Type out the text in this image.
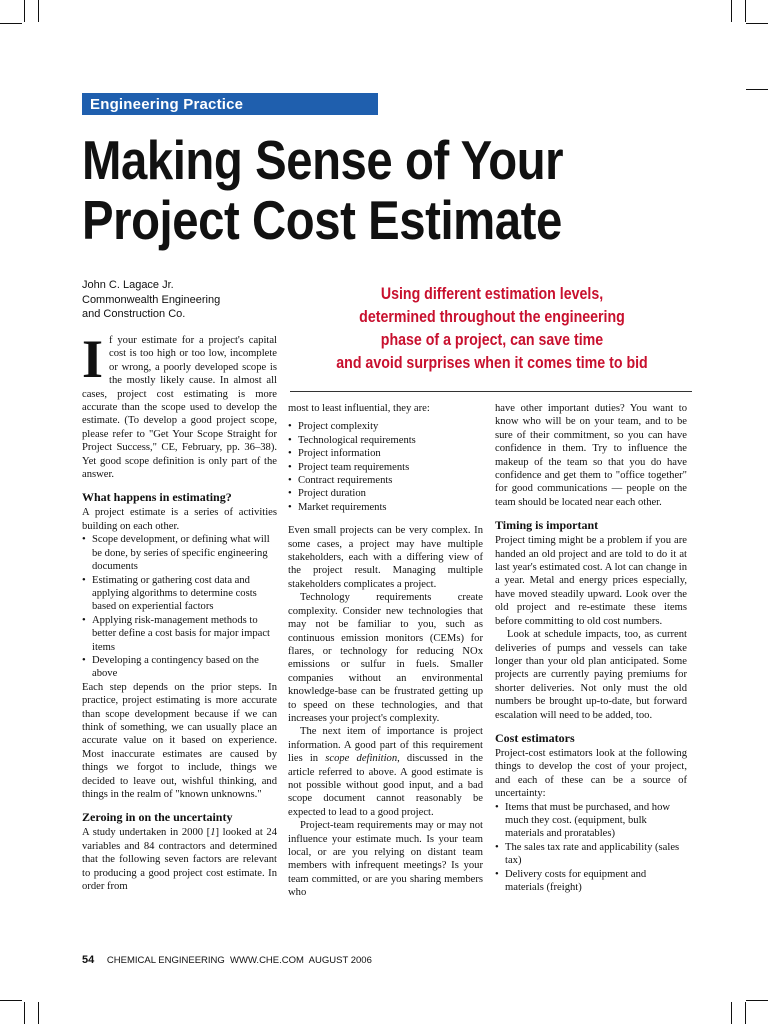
Engineering Practice
Making Sense of Your
Project Cost Estimate
John C. Lagace Jr.
Commonwealth Engineering
and Construction Co.
Using different estimation levels,
determined throughout the engineering
phase of a project, can save time
and avoid surprises when it comes time to bid

If your estimate for a project's capital cost is too high or too low, incomplete or wrong, a poorly developed scope is the mostly likely cause. In almost all cases, project cost estimating is more accurate than the scope used to develop the estimate. (To develop a good project scope, please refer to "Get Your Scope Straight for Project Success," CE, February, pp. 36–38). Yet good scope definition is only part of the answer.

What happens in estimating?

A project estimate is a series of activities building on each other.

• Scope development, or defining what will be done, by series of specific engineering documents
• Estimating or gathering cost data and applying algorithms to determine costs based on experiential factors
• Applying risk-management methods to better define a cost basis for major impact items
• Developing a contingency based on the above

Each step depends on the prior steps. In practice, project estimating is more accurate than scope development because if we can think of something, we can usually place an accurate value on it based on experience. Most inaccurate estimates are caused by things we forgot to include, things we decided to leave out, wishful thinking, and things in the realm of "known unknowns."

Zeroing in on the uncertainty

A study undertaken in 2000 [1] looked at 24 variables and 84 contractors and determined that the following seven factors are relevant to producing a good project cost estimate. In order from

most to least influential, they are:

• Project complexity
• Technological requirements
• Project information
• Project team requirements
• Contract requirements
• Project duration
• Market requirements

Even small projects can be very complex. In some cases, a project may have multiple stakeholders, each with a differing view of the project result. Managing multiple stakeholders complicates a project.

Technology requirements create complexity. Consider new technologies that may not be familiar to you, such as continuous emission monitors (CEMs) for flares, or technology for reducing NOx emissions or sulfur in fuels. Smaller companies without an environmental knowledge-base can be frustrated getting up to speed on these technologies, and that increases your project's complexity.

The next item of importance is project information. A good part of this requirement lies in scope definition, discussed in the article referred to above. A good estimate is not possible without good input, and a bad scope document cannot reasonably be expected to lead to a good project.

Project-team requirements may or may not influence your estimate much. Is your team local, or are you relying on distant team members with infrequent meetings? Is your team committed, or are you sharing members who

have other important duties? You want to know who will be on your team, and to be sure of their commitment, so you can have confidence in them. Try to influence the makeup of the team so that you do have confidence and get them to "office together" for good communications — people on the team should be located near each other.

Timing is important

Project timing might be a problem if you are handed an old project and are told to do it at last year's estimated cost. A lot can change in a year. Metal and energy prices especially, have moved steadily upward. Look over the old project and re-estimate these items before committing to old cost numbers.

Look at schedule impacts, too, as current deliveries of pumps and vessels can take longer than your old plan anticipated. Some projects are currently paying premiums for shorter deliveries. Not only must the old numbers be brought up-to-date, but forward escalation will need to be added, too.

Cost estimators

Project-cost estimators look at the following things to develop the cost of your project, and each of these can be a source of uncertainty:

• Items that must be purchased, and how much they cost. (equipment, bulk materials and proratables)
• The sales tax rate and applicability (sales tax)
• Delivery costs for equipment and materials (freight)
54 CHEMICAL ENGINEERING  WWW.CHE.COM  AUGUST 2006
